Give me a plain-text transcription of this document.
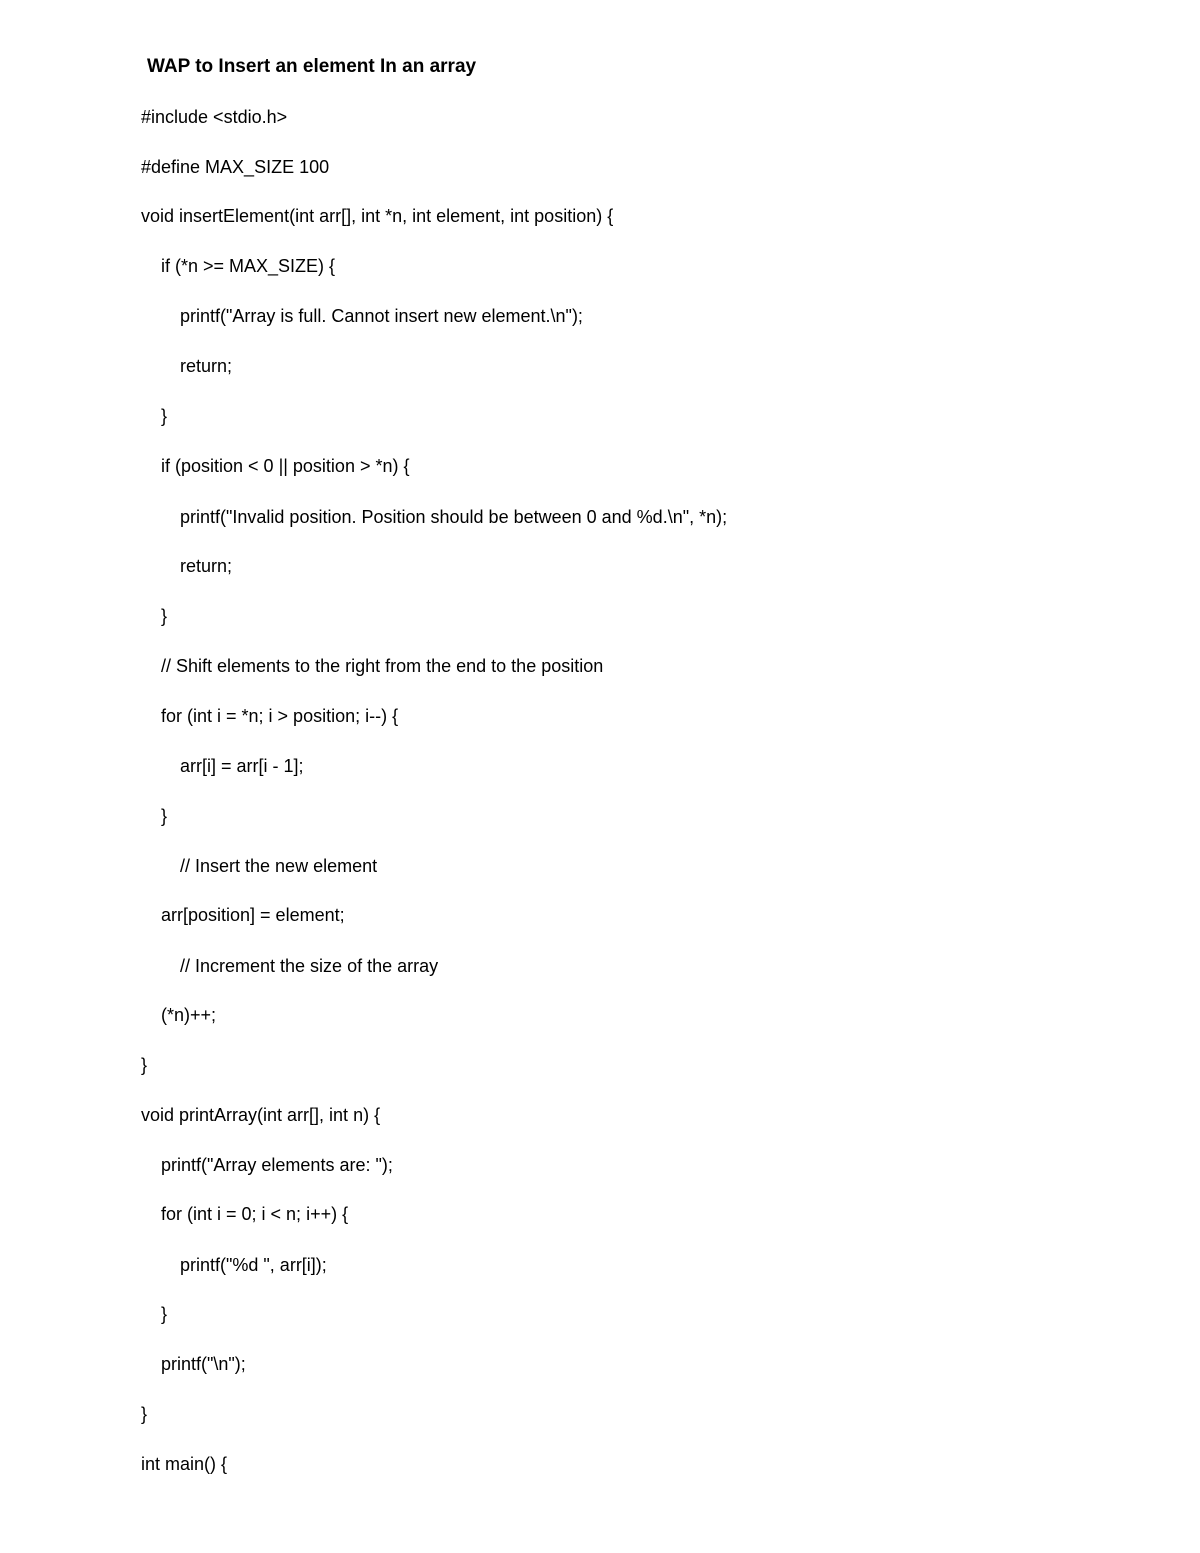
WAP to Insert an element In an array
#include <stdio.h>
#define MAX_SIZE 100
void insertElement(int arr[], int *n, int element, int position) {
if (*n >= MAX_SIZE) {
printf("Array is full. Cannot insert new element.\n");
return;
}
if (position < 0 || position > *n) {
printf("Invalid position. Position should be between 0 and %d.\n", *n);
return;
}
// Shift elements to the right from the end to the position
for (int i = *n; i > position; i--) {
arr[i] = arr[i - 1];
}
// Insert the new element
arr[position] = element;
// Increment the size of the array
(*n)++;
}
void printArray(int arr[], int n) {
printf("Array elements are: ");
for (int i = 0; i < n; i++) {
printf("%d ", arr[i]);
}
printf("\n");
}
int main() {
